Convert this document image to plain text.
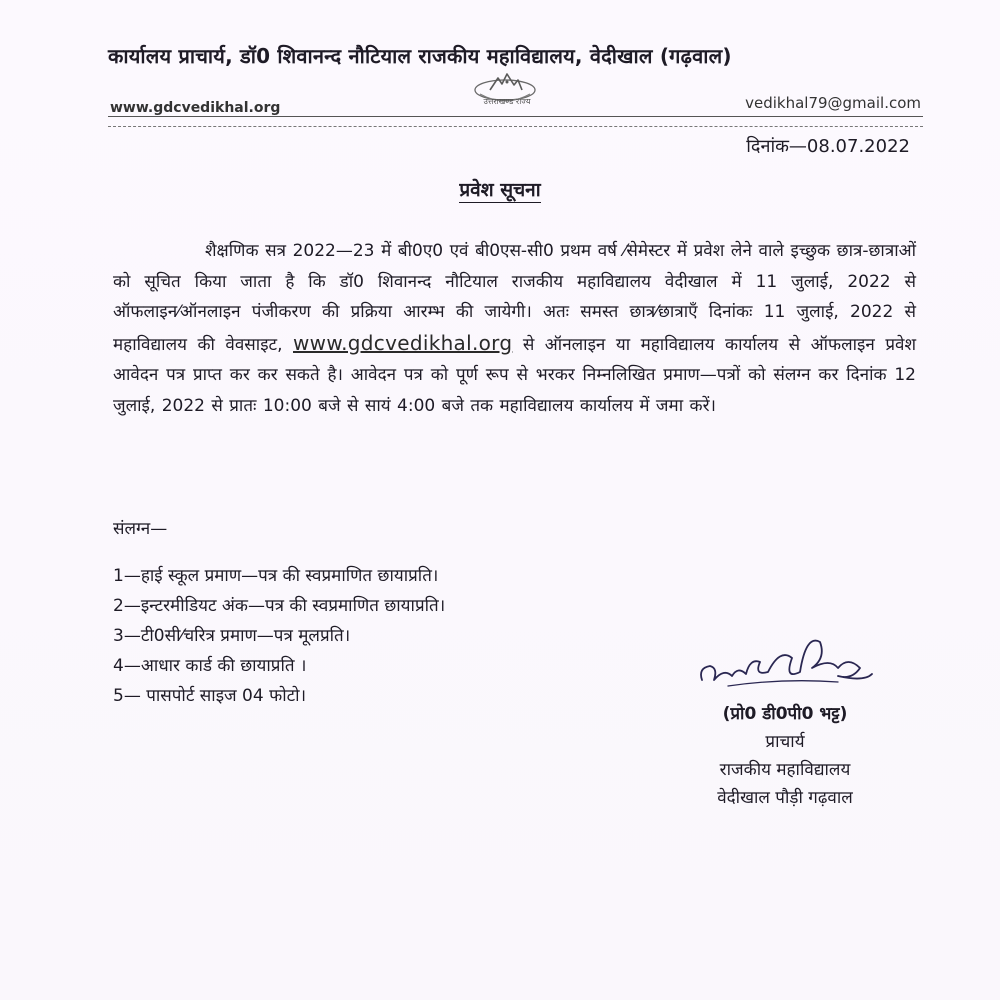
कार्यालय प्राचार्य, डॉ0 शिवानन्द नौटियाल राजकीय महाविद्यालय, वेदीखाल (गढ़वाल)
उत्तराखण्ड राज्य
www.gdcvedikhal.org	vedikhal79@gmail.com
दिनांक—08.07.2022
प्रवेश सूचना
शैक्षणिक सत्र 2022—23 में बी0ए0 एवं बी0एस-सी0 प्रथम वर्ष ⁄सेमेस्टर में प्रवेश लेने वाले इच्छुक छात्र-छात्राओं को सूचित किया जाता है कि डॉ0 शिवानन्द नौटियाल राजकीय महाविद्यालय वेदीखाल में 11 जुलाई, 2022 से ऑफलाइन⁄ऑनलाइन पंजीकरण की प्रक्रिया आरम्भ की जायेगी। अतः समस्त छात्र⁄छात्राएँ दिनांकः 11 जुलाई, 2022 से महाविद्यालय की वेवसाइट, www.gdcvedikhal.org से ऑनलाइन या महाविद्यालय कार्यालय से ऑफलाइन प्रवेश आवेदन पत्र प्राप्त कर कर सकते है। आवेदन पत्र को पूर्ण रूप से भरकर निम्नलिखित प्रमाण—पत्रों को संलग्न कर दिनांक 12 जुलाई, 2022 से प्रातः 10:00 बजे से सायं 4:00 बजे तक महाविद्यालय कार्यालय में जमा करें।
संलग्न—
1—हाई स्कूल प्रमाण—पत्र की स्वप्रमाणित छायाप्रति।
2—इन्टरमीडियट अंक—पत्र की स्वप्रमाणित छायाप्रति।
3—टी0सी⁄चरित्र प्रमाण—पत्र मूलप्रति।
4—आधार कार्ड की छायाप्रति ।
5— पासपोर्ट साइज 04 फोटो।
(प्रो0 डी0पी0 भट्ट)
प्राचार्य
राजकीय महाविद्यालय
वेदीखाल पौड़ी गढ़वाल
